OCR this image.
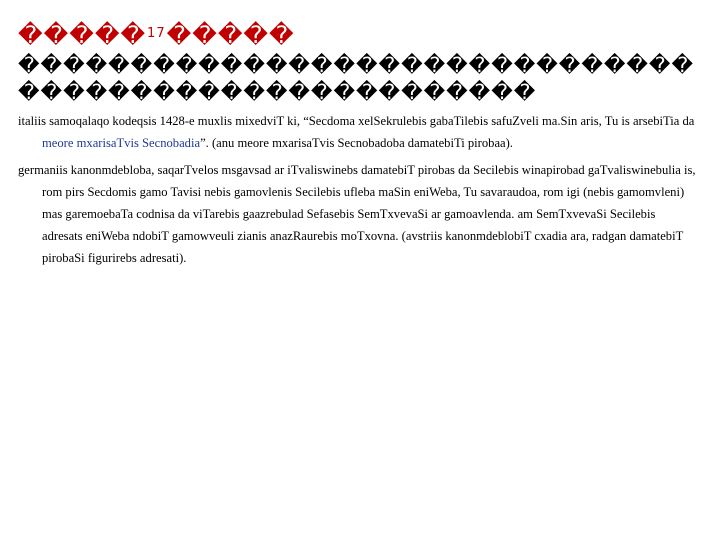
�����$^{17}$�����
������������������������������
�����������������������

italiis samoqalaqo kodeqsis 1428-e muxlis mixedviT ki, “Secdoma xelSekrulebis gabaTilebis safuZveli ma.Sin aris, Tu is arsebiTia da meore mxarisaTvis Secnobadia”. (anu meore mxarisaTvis Secnobadoba damatebiTi pirobaa).

germaniis kanonmdebloba, saqarTvelos msgavsad ar iTvaliswinebs damatebiT pirobas da Secilebis winapirobad gaTvaliswinebulia is, rom pirs Secdomis gamo Tavisi nebis gamovlenis Secilebis ufleba maSin eniWeba, Tu savaraudoa, rom igi (nebis gamomvleni) mas garemoebaTa codnisa da viTarebis gaazrebulad Sefasebis SemTxvevaSi ar gamoavlenda. am SemTxvevaSi Secilebis adresats eniWeba ndobiT gamowveuli zianis anazRaurebis moTxovna. (avstriis kanonmdeblobiT cxadia ara, radgan damatebiT pirobaSi figurirebs adresati).
